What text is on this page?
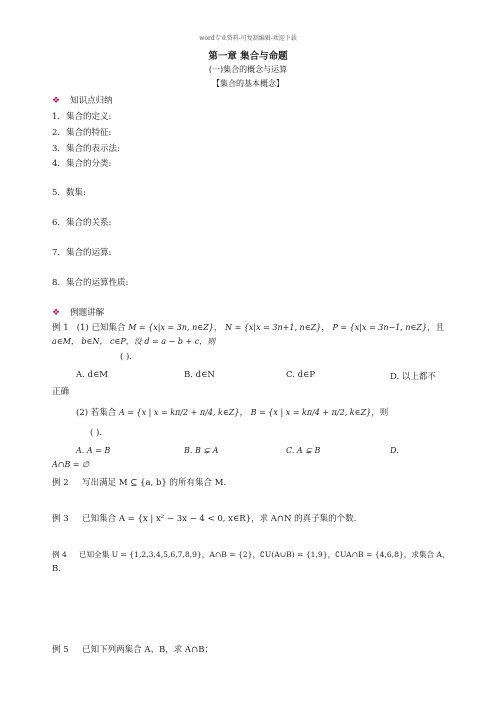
word专业资料-可复制编辑-欢迎下载
第一章 集合与命题
(一)集合的概念与运算
【集合的基本概念】
❖ 知识点归纳
1. 集合的定义:
2. 集合的特征:
3. 集合的表示法:
4. 集合的分类:
5. 数集:
6. 集合的关系:
7. 集合的运算:
8. 集合的运算性质:
❖ 例题讲解
例 1 (1) 已知集合 M = {x|x = 3n, n∈Z}， N = {x|x = 3n+1, n∈Z}， P = {x|x = 3n−1, n∈Z}，且
a∈M， b∈N， c∈P，设 d = a − b + c，则
( ).
A. d∈M	B. d∈N	C. d∈P	D. 以上都不
正确
(2) 若集合 A = {x | x = kπ/2 + π/4, k∈Z}， B = {x | x = kπ/4 + π/2, k∈Z}，则
( ).
A. A = B	B. B ⊊ A	C. A ⊊ B	D.
A∩B = ∅
例 2 写出满足 M ⊆ {a, b} 的所有集合 M.
例 3 已知集合 A = {x | x² − 3x − 4 < 0, x∈R}，求 A∩N 的真子集的个数.
例 4 已知全集 U = {1,2,3,4,5,6,7,8,9}，A∩B = {2}，∁U(A∪B) = {1,9}，∁UA∩B = {4,6,8}，求集合 A、
B.
例 5 已知下列两集合 A、B，求 A∩B；
